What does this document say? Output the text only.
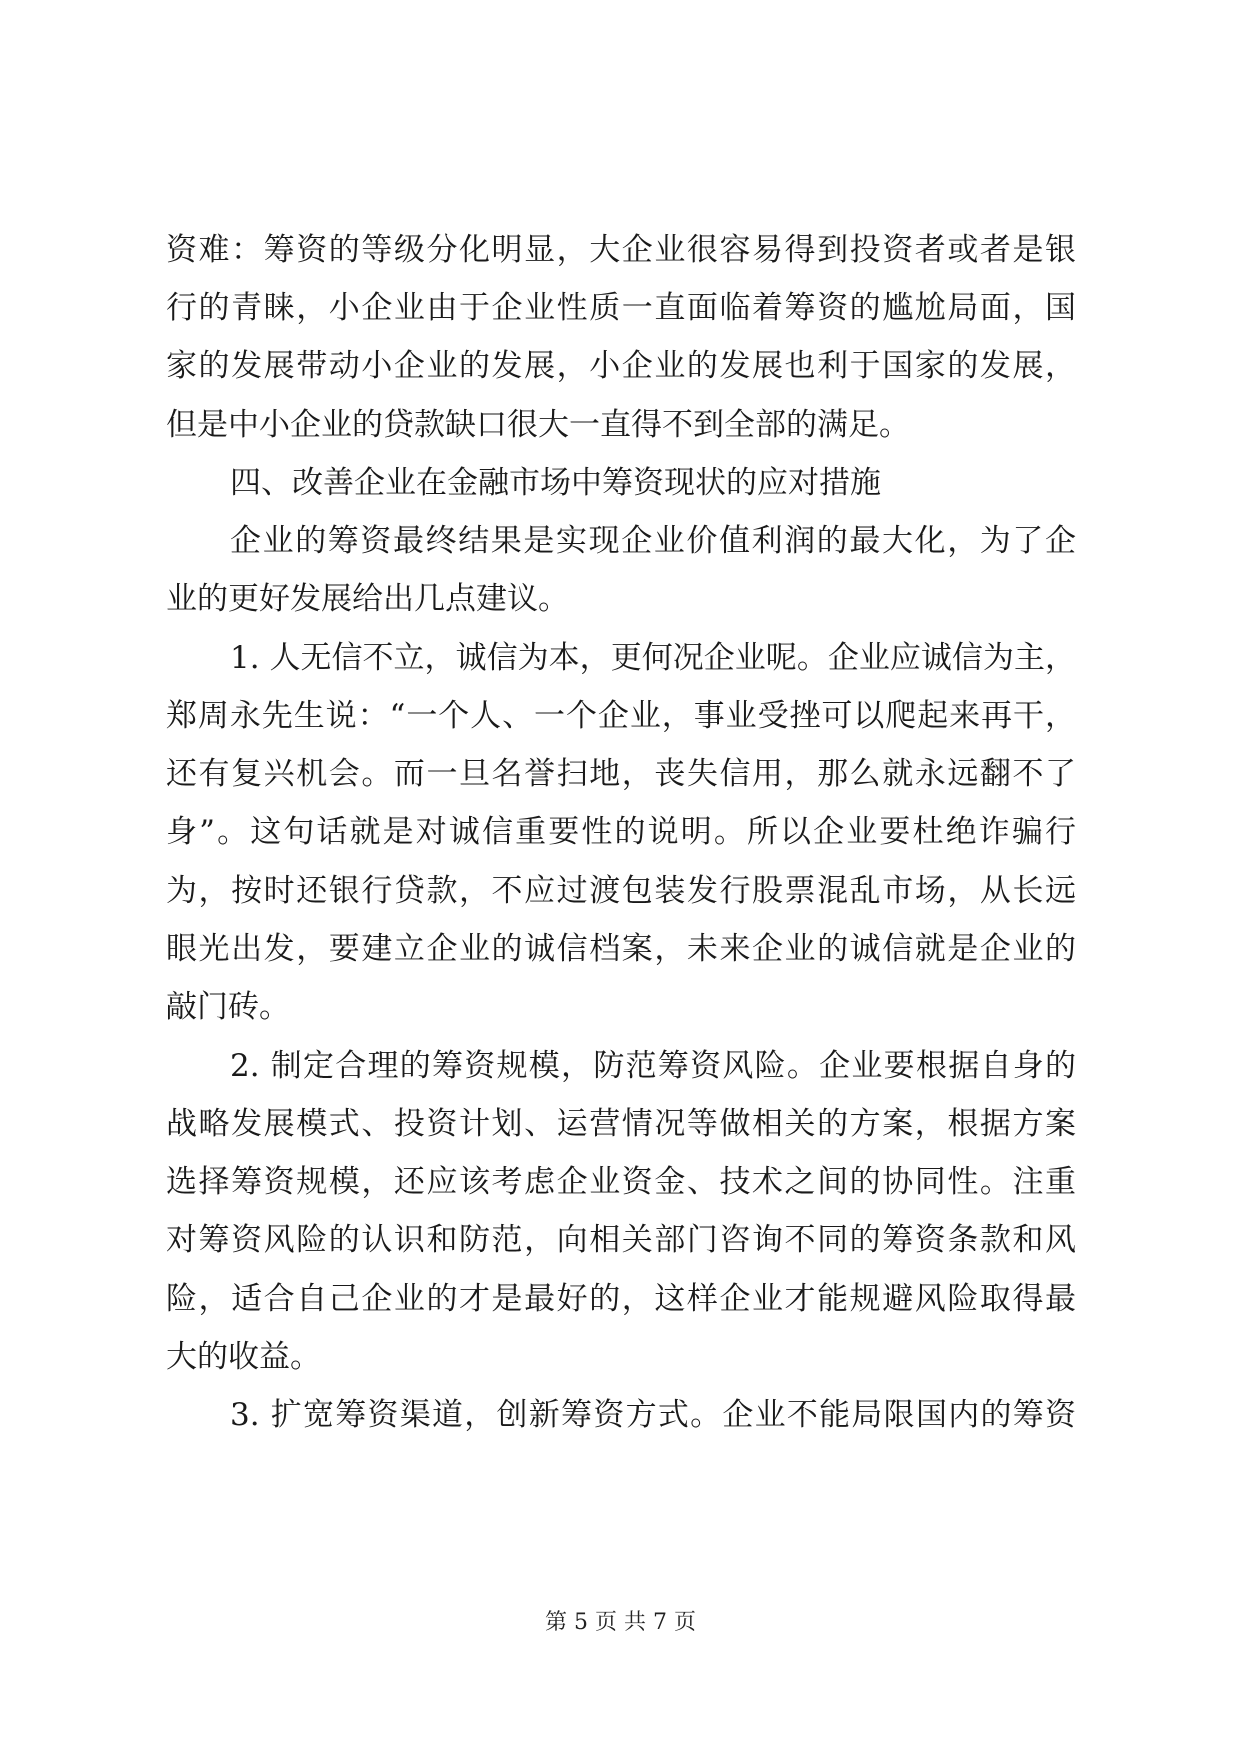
资难：筹资的等级分化明显，大企业很容易得到投资者或者是银
行的青睐，小企业由于企业性质一直面临着筹资的尴尬局面，国
家的发展带动小企业的发展，小企业的发展也利于国家的发展，
但是中小企业的贷款缺口很大一直得不到全部的满足。
四、改善企业在金融市场中筹资现状的应对措施
企业的筹资最终结果是实现企业价值利润的最大化，为了企
业的更好发展给出几点建议。
1. 人无信不立，诚信为本，更何况企业呢。企业应诚信为主，
郑周永先生说：“一个人、一个企业，事业受挫可以爬起来再干，
还有复兴机会。而一旦名誉扫地，丧失信用，那么就永远翻不了
身”。这句话就是对诚信重要性的说明。所以企业要杜绝诈骗行
为，按时还银行贷款，不应过渡包装发行股票混乱市场，从长远
眼光出发，要建立企业的诚信档案，未来企业的诚信就是企业的
敲门砖。
2. 制定合理的筹资规模，防范筹资风险。企业要根据自身的
战略发展模式、投资计划、运营情况等做相关的方案，根据方案
选择筹资规模，还应该考虑企业资金、技术之间的协同性。注重
对筹资风险的认识和防范，向相关部门咨询不同的筹资条款和风
险，适合自己企业的才是最好的，这样企业才能规避风险取得最
大的收益。
3. 扩宽筹资渠道，创新筹资方式。企业不能局限国内的筹资
第 5 页 共 7 页
